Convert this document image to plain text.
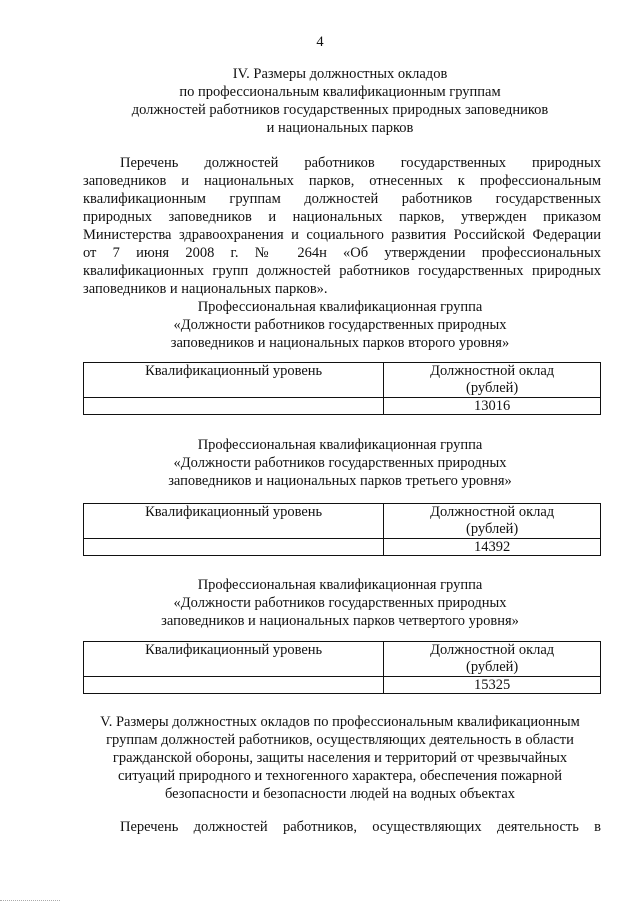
4
IV. Размеры должностных окладов
по профессиональным квалификационным группам
должностей работников государственных природных заповедников
и национальных парков
Перечень должностей работников государственных природных
заповедников и национальных парков, отнесенных к профессиональным
квалификационным группам должностей работников государственных
природных заповедников и национальных парков, утвержден приказом
Министерства здравоохранения и социального развития Российской Федерации
от 7 июня 2008 г. № 264н «Об утверждении профессиональных
квалификационных групп должностей работников государственных природных
заповедников и национальных парков».
Профессиональная квалификационная группа
«Должности работников государственных природных
заповедников и национальных парков второго уровня»
Квалификационный уровень	Должностной оклад
(рублей)
	13016
Профессиональная квалификационная группа
«Должности работников государственных природных
заповедников и национальных парков третьего уровня»
Квалификационный уровень	Должностной оклад
(рублей)
	14392
Профессиональная квалификационная группа
«Должности работников государственных природных
заповедников и национальных парков четвертого уровня»
Квалификационный уровень	Должностной оклад
(рублей)
	15325
V. Размеры должностных окладов по профессиональным квалификационным
группам должностей работников, осуществляющих деятельность в области
гражданской обороны, защиты населения и территорий от чрезвычайных
ситуаций природного и техногенного характера, обеспечения пожарной
безопасности и безопасности людей на водных объектах
Перечень должностей работников, осуществляющих деятельность в
